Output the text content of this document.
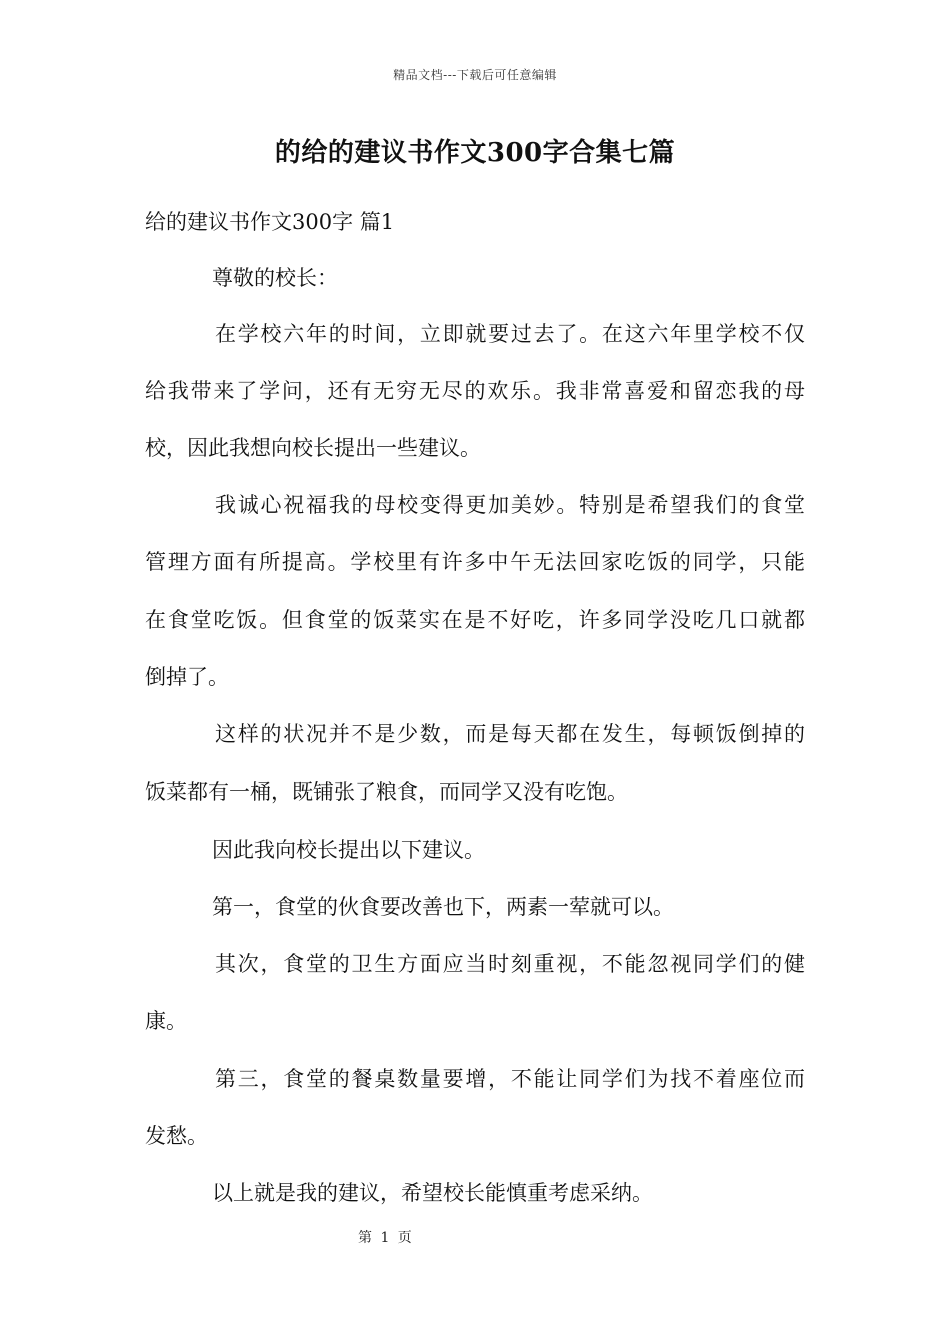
精品文档---下载后可任意编辑
的给的建议书作文300字合集七篇
给的建议书作文300字 篇1
尊敬的校长：
在学校六年的时间，立即就要过去了。在这六年里学校不仅
给我带来了学问，还有无穷无尽的欢乐。我非常喜爱和留恋我的母
校，因此我想向校长提出一些建议。
我诚心祝福我的母校变得更加美妙。特别是希望我们的食堂
管理方面有所提高。学校里有许多中午无法回家吃饭的同学，只能
在食堂吃饭。但食堂的饭菜实在是不好吃，许多同学没吃几口就都
倒掉了。
这样的状况并不是少数，而是每天都在发生，每顿饭倒掉的
饭菜都有一桶，既铺张了粮食，而同学又没有吃饱。
因此我向校长提出以下建议。
第一，食堂的伙食要改善也下，两素一荤就可以。
其次，食堂的卫生方面应当时刻重视，不能忽视同学们的健
康。
第三，食堂的餐桌数量要增，不能让同学们为找不着座位而
发愁。
以上就是我的建议，希望校长能慎重考虑采纳。
第 1 页
